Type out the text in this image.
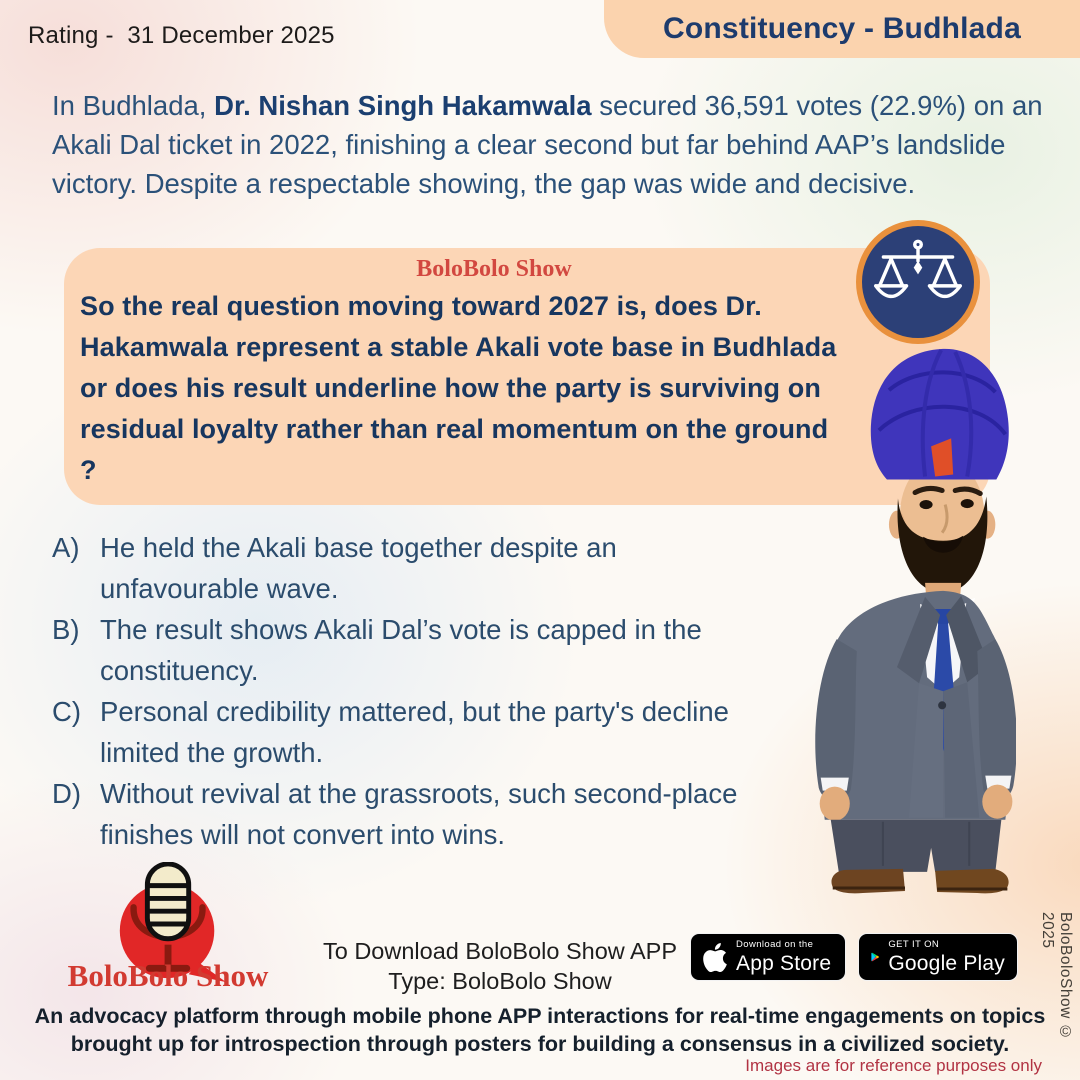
Rating -  31 December 2025	Constituency - Budhlada
In Budhlada, Dr. Nishan Singh Hakamwala secured 36,591 votes (22.9%) on an Akali Dal ticket in 2022, finishing a clear second but far behind AAP’s landslide victory. Despite a respectable showing, the gap was wide and decisive.
BoloBolo Show
So the real question moving toward 2027 is, does Dr. Hakamwala represent a stable Akali vote base in Budhlada or does his result underline how the party is surviving on residual loyalty rather than real momentum on the ground ?
A) He held the Akali base together despite an unfavourable wave.
B) The result shows Akali Dal’s vote is capped in the constituency.
C) Personal credibility mattered, but the party's decline limited the growth.
D) Without revival at the grassroots, such second-place finishes will not convert into wins.
BoloBolo Show
To Download BoloBolo Show APP
Type: BoloBolo Show
Download on the
App Store
GET IT ON
Google Play
An advocacy platform through mobile phone APP interactions for real-time engagements on topics
brought up for introspection through posters for building a consensus in a civilized society.
BoloBoloShow © 2025
Images are for reference purposes only
